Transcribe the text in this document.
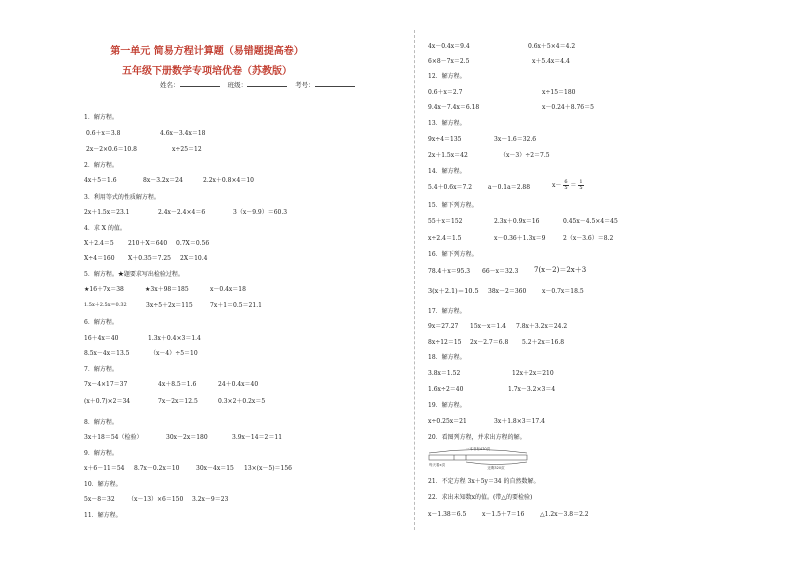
第一单元 简易方程计算题（易错题提高卷）
五年级下册数学专项培优卷（苏教版）
姓名：	班级：	考号：
1．解方程。
0.6＋x＝3.8	4.6x－3.4x＝18
2x－2×0.6＝10.8	x÷25＝12
2．解方程。
4x＋5＝1.6	8x－3.2x＝24	2.2x＋0.8×4＝10
3．利用等式的性质解方程。
2x＋1.5x＝23.1	2.4x－2.4×4＝6	3（x－9.9）＝60.3
4．求 X 的值。
X＋2.4＝5 210＋X＝640 0.7X＝0.56
X÷4＝160 X＋0.35＝7.25 2X＝10.4
5．解方程。★题要求写出检验过程。
★16＋7x＝38	★3x＋98＝185	x－0.4x＝18
1.5x＋2.5x＝0.32	3x÷5＋2x＝115	7x＋1＝0.5＝21.1
6．解方程。
16＋4x＝40	1.3x＋0.4×3＝1.4
8.5x－4x＝13.5	（x－4）÷5＝10
7．解方程。
7x－4×17＝37	4x＋8.5＝1.6	24＋0.4x＝40
(x＋0.7)×2＝34	7x－2x＝12.5	0.3×2＋0.2x＝5
8．解方程。
3x＋18＝54（检验）	30x－2x＝180	3.9x－14＝2＝11
9．解方程。
x＋6－11＝54 8.7x－0.2x＝10	30x－4x＝15 13×(x－5)＝156
10．解方程。
5x－8＝32 （x－13）×6＝150 3.2x－9＝23
11．解方程。
4x－0.4x＝9.4	0.6x＋5×4＝4.2
6×8－7x＝2.5	x＋5.4x＝4.4
12．解方程。
0.6＋x＝2.7	x÷15＝180
9.4x－7.4x＝6.18	x－0.24＋8.76＝5
13．解方程。
9x÷4＝135	3x－1.6＝32.6
2x＋1.5x＝42	（x－3）÷2＝7.5
14．解方程。
5.4＋0.6x＝7.2	a－0.1a＝2.88	$x- \frac{6}{5} = \frac{1}{5}$
15．解下列方程。
55＋x＝152	2.3x＋0.9x＝16	0.45x－4.5×4＝45
x÷2.4＝1.5	x－0.36＋1.3x＝9	2（x－3.6）＝8.2
16．解下列方程。
78.4＋x＝95.3 66－x＝32.3 7(x－2)＝2x＋3
3(x＋2.1)＝10.5 38x－2＝360	x－0.7x＝18.5
17．解方程。
9x＝27.27 15x－x＝1.4 7.8x＋3.2x＝24.2
8x÷12＝15 2x－2.7＝6.8 5.2＋2x＝16.8
18．解方程。
3.8x＝1.52	12x＋2x＝210
1.6x÷2＝40	1.7x－3.2×3＝4
19．解方程。
x÷0.25x＝21	3x＋1.8×3＝17.4
20．看图列方程，并求出方程的解。
一本书有470页
每天看x页
还剩320页
21．不定方程 3x＋5y＝34 的自然数解。
22．求出未知数x的值。(带△的要检验)
x－1.38＝6.5	x－1.5＋7＝16	△1.2x－3.8＝2.2
